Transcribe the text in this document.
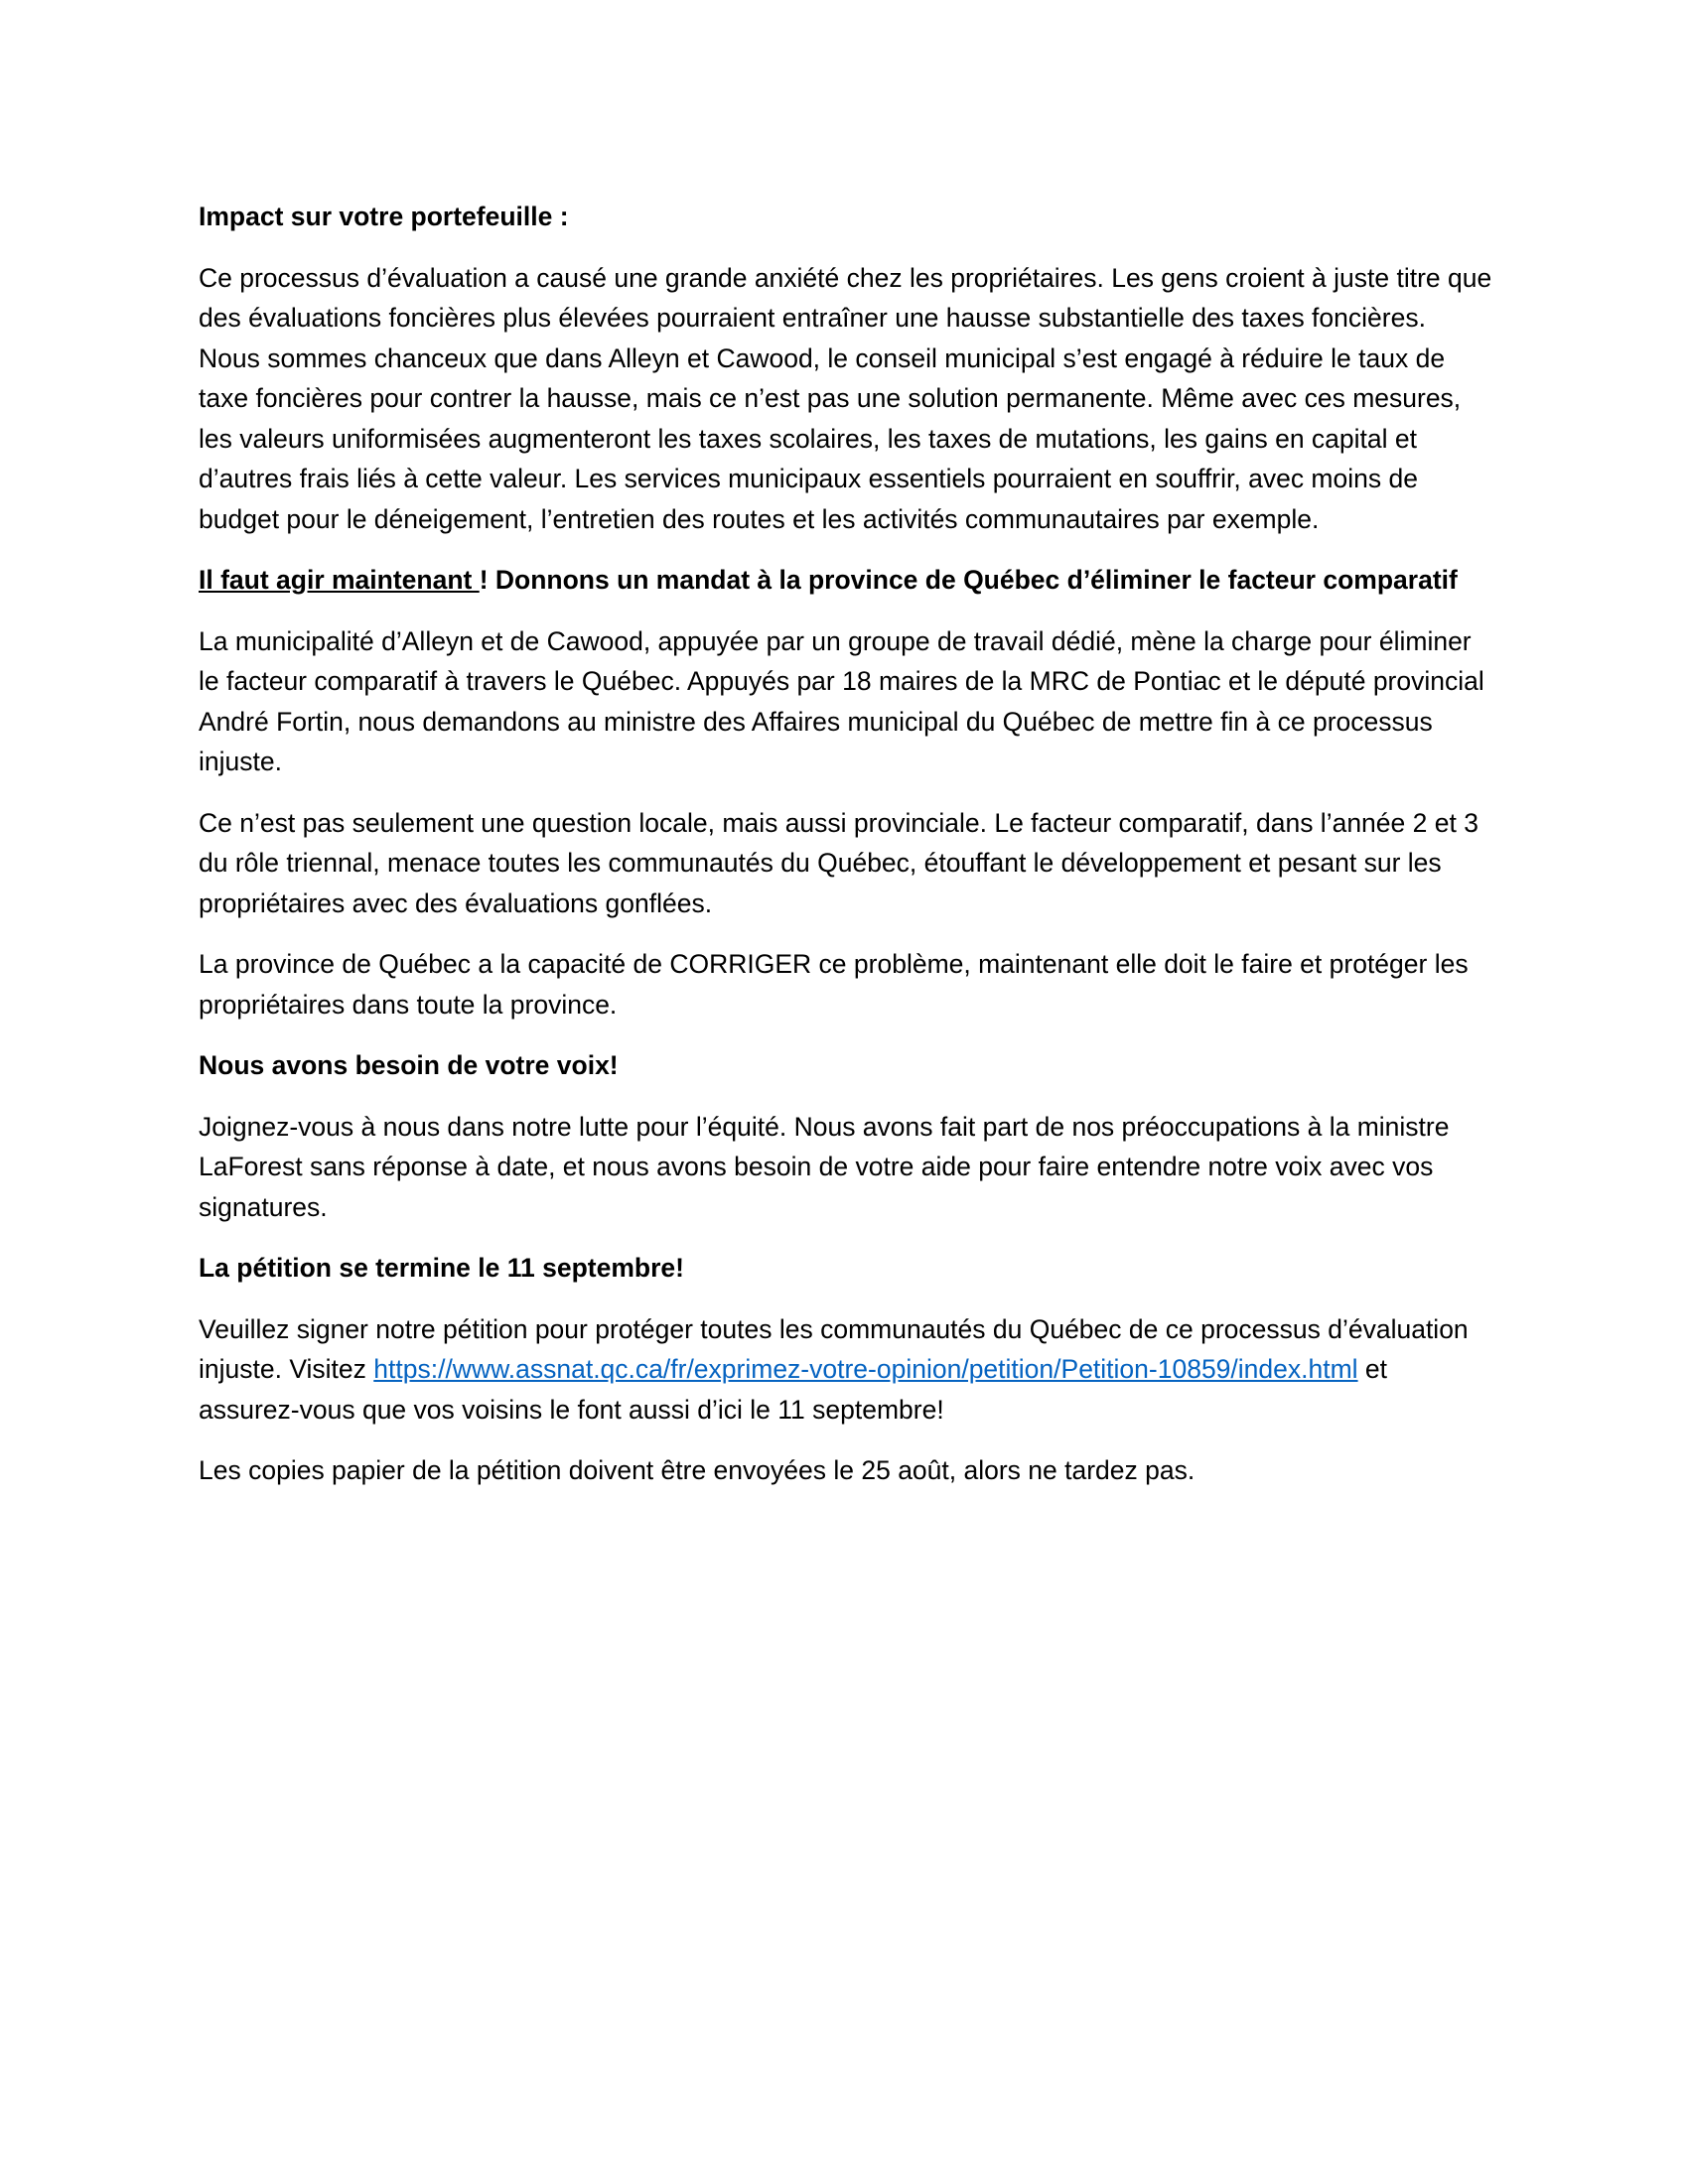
Impact sur votre portefeuille :

Ce processus d’évaluation a causé une grande anxiété chez les propriétaires. Les gens croient à juste titre que des évaluations foncières plus élevées pourraient entraîner une hausse substantielle des taxes foncières. Nous sommes chanceux que dans Alleyn et Cawood, le conseil municipal s’est engagé à réduire le taux de taxe foncières pour contrer la hausse, mais ce n’est pas une solution permanente. Même avec ces mesures, les valeurs uniformisées augmenteront les taxes scolaires, les taxes de mutations, les gains en capital et d’autres frais liés à cette valeur. Les services municipaux essentiels pourraient en souffrir, avec moins de budget pour le déneigement, l’entretien des routes et les activités communautaires par exemple.

Il faut agir maintenant ! Donnons un mandat à la province de Québec d’éliminer le facteur comparatif

La municipalité d’Alleyn et de Cawood, appuyée par un groupe de travail dédié, mène la charge pour éliminer le facteur comparatif à travers le Québec. Appuyés par 18 maires de la MRC de Pontiac et le député provincial André Fortin, nous demandons au ministre des Affaires municipal du Québec de mettre fin à ce processus injuste.

Ce n’est pas seulement une question locale, mais aussi provinciale. Le facteur comparatif, dans l’année 2 et 3 du rôle triennal, menace toutes les communautés du Québec, étouffant le développement et pesant sur les propriétaires avec des évaluations gonflées.

La province de Québec a la capacité de CORRIGER ce problème, maintenant elle doit le faire et protéger les propriétaires dans toute la province.

Nous avons besoin de votre voix!

Joignez-vous à nous dans notre lutte pour l’équité. Nous avons fait part de nos préoccupations à la ministre LaForest sans réponse à date, et nous avons besoin de votre aide pour faire entendre notre voix avec vos signatures.

La pétition se termine le 11 septembre!

Veuillez signer notre pétition pour protéger toutes les communautés du Québec de ce processus d’évaluation injuste. Visitez https://www.assnat.qc.ca/fr/exprimez-votre-opinion/petition/Petition-10859/index.html et assurez-vous que vos voisins le font aussi d’ici le 11 septembre!

Les copies papier de la pétition doivent être envoyées le 25 août, alors ne tardez pas.
